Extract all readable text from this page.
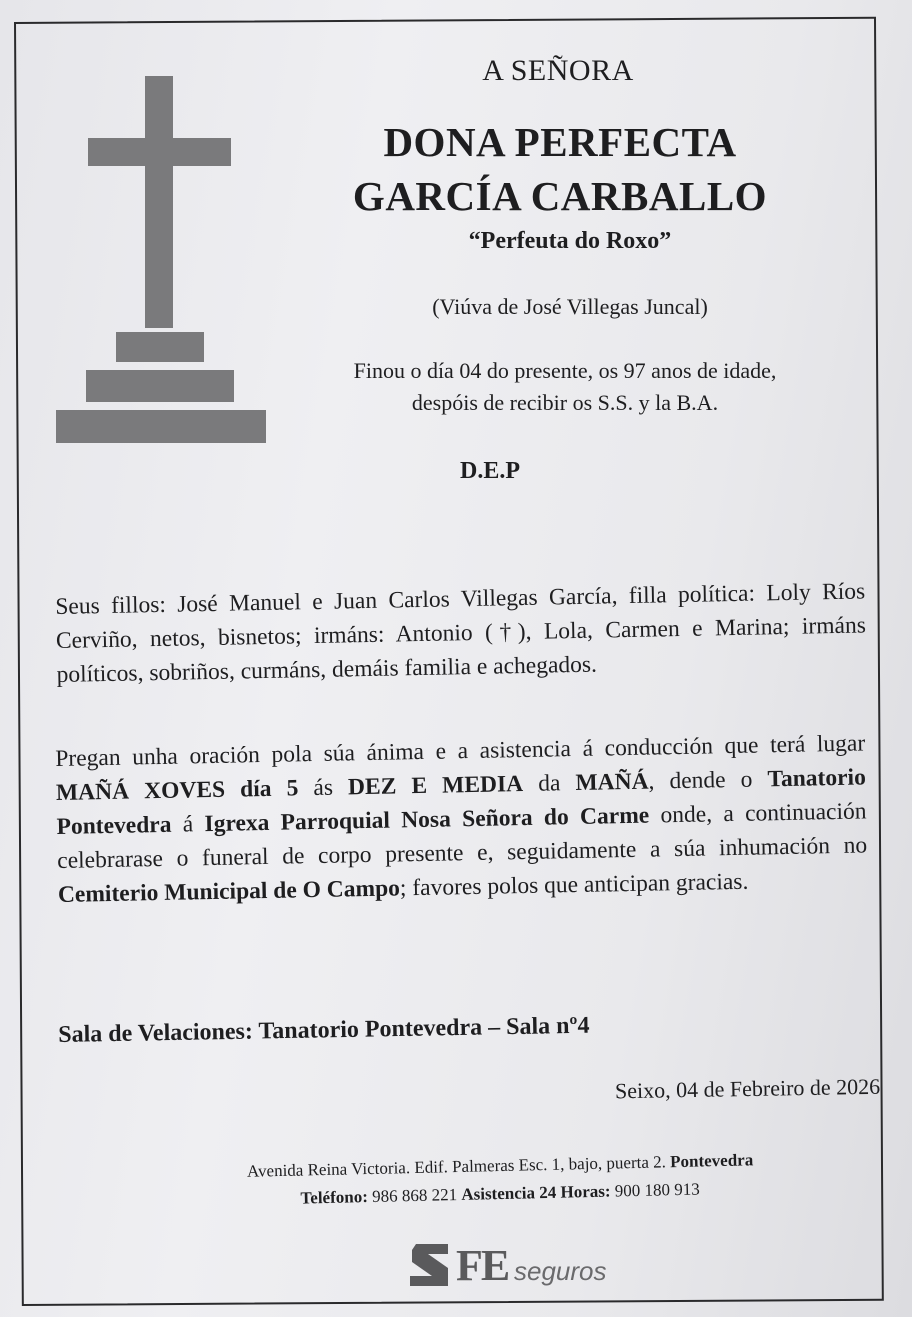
A SEÑORA
DONA PERFECTA
GARCÍA CARBALLO
“Perfeuta do Roxo”
(Viúva de José Villegas Juncal)
Finou o día 04 do presente, os 97 anos de idade,
despóis de recibir os S.S. y la B.A.
D.E.P
Seus fillos: José Manuel e Juan Carlos Villegas García, filla política: Loly Ríos Cerviño, netos, bisnetos; irmáns: Antonio (†), Lola, Carmen e Marina; irmáns políticos, sobriños, curmáns, demáis familia e achegados.
Pregan unha oración pola súa ánima e a asistencia á conducción que terá lugar MAÑÁ XOVES día 5 ás DEZ E MEDIA da MAÑÁ, dende o Tanatorio Pontevedra á Igrexa Parroquial Nosa Señora do Carme onde, a continuación celebrarase o funeral de corpo presente e, seguidamente a súa inhumación no Cemiterio Municipal de O Campo; favores polos que anticipan gracias.
Sala de Velaciones: Tanatorio Pontevedra – Sala nº4
Seixo, 04 de Febreiro de 2026
Avenida Reina Victoria. Edif. Palmeras Esc. 1, bajo, puerta 2. Pontevedra
Teléfono: 986 868 221 Asistencia 24 Horas: 900 180 913
FE seguros
